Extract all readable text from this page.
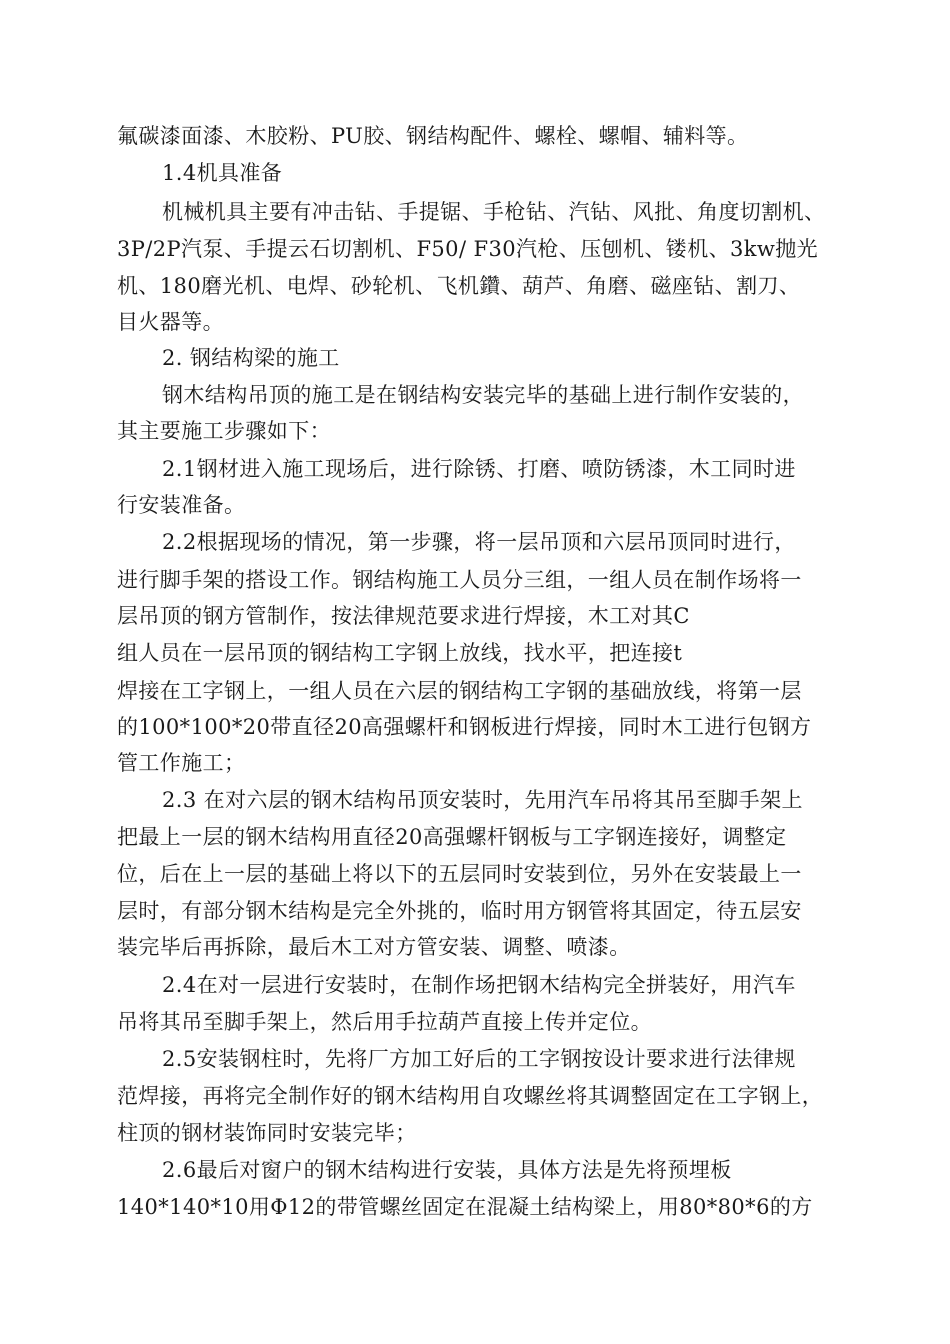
氟碳漆面漆、木胶粉、PU胶、钢结构配件、螺栓、螺帽、辅料等。
1.4机具准备
机械机具主要有冲击钻、手提锯、手枪钻、汽钻、风批、角度切割机、
3P/2P汽泵、手提云石切割机、F50/ F30汽枪、压刨机、镂机、3kw抛光
机、180磨光机、电焊、砂轮机、飞机鑽、葫芦、角磨、磁座钻、割刀、
目火器等。
2. 钢结构梁的施工
钢木结构吊顶的施工是在钢结构安装完毕的基础上进行制作安装的，
其主要施工步骤如下：
2.1钢材进入施工现场后，进行除锈、打磨、喷防锈漆，木工同时进
行安装准备。
2.2根据现场的情况，第一步骤，将一层吊顶和六层吊顶同时进行，
进行脚手架的搭设工作。钢结构施工人员分三组，一组人员在制作场将一
层吊顶的钢方管制作，按法律规范要求进行焊接，木工对其C
组人员在一层吊顶的钢结构工字钢上放线，找水平，把连接t
焊接在工字钢上，一组人员在六层的钢结构工字钢的基础放线，将第一层
的100*100*20带直径20高强螺杆和钢板进行焊接，同时木工进行包钢方
管工作施工；
2.3 在对六层的钢木结构吊顶安装时，先用汽车吊将其吊至脚手架上
把最上一层的钢木结构用直径20高强螺杆钢板与工字钢连接好，调整定
位，后在上一层的基础上将以下的五层同时安装到位，另外在安装最上一
层时，有部分钢木结构是完全外挑的，临时用方钢管将其固定，待五层安
装完毕后再拆除，最后木工对方管安装、调整、喷漆。
2.4在对一层进行安装时，在制作场把钢木结构完全拼装好，用汽车
吊将其吊至脚手架上，然后用手拉葫芦直接上传并定位。
2.5安装钢柱时，先将厂方加工好后的工字钢按设计要求进行法律规
范焊接，再将完全制作好的钢木结构用自攻螺丝将其调整固定在工字钢上，
柱顶的钢材装饰同时安装完毕；
2.6最后对窗户的钢木结构进行安装，具体方法是先将预埋板
140*140*10用Φ12的带管螺丝固定在混凝土结构梁上，用80*80*6的方
